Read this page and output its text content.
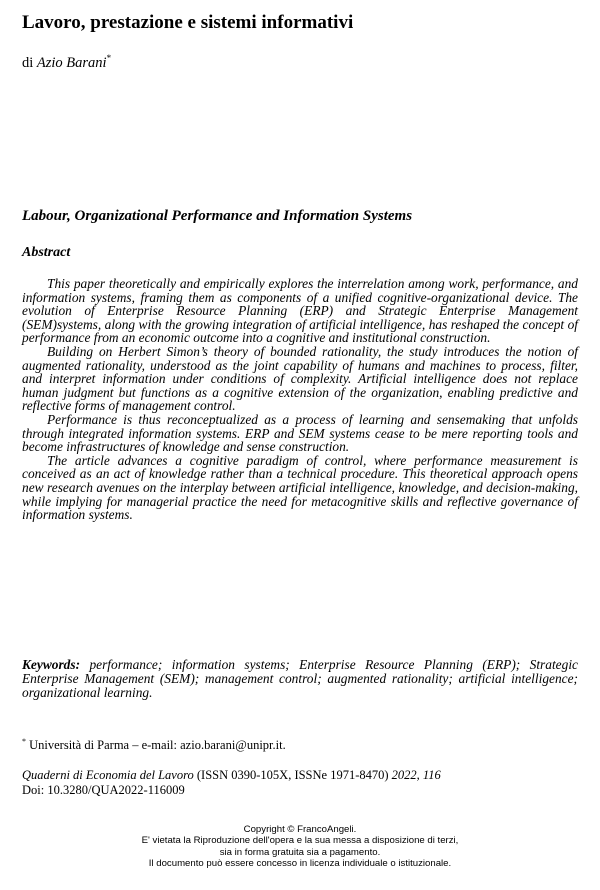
Lavoro, prestazione e sistemi informativi
di Azio Barani*
Labour, Organizational Performance and Information Systems
Abstract

This paper theoretically and empirically explores the interrelation among work, performance, and information systems, framing them as components of a unified cognitive-organizational device. The evolution of Enterprise Resource Planning (ERP) and Strategic Enterprise Management (SEM)systems, along with the growing integration of artificial intelligence, has reshaped the concept of performance from an economic outcome into a cognitive and institutional construction.

Building on Herbert Simon’s theory of bounded rationality, the study introduces the notion of augmented rationality, understood as the joint capability of humans and machines to process, filter, and interpret information under conditions of complexity. Artificial intelligence does not replace human judgment but functions as a cognitive extension of the organization, enabling predictive and reflective forms of management control.

Performance is thus reconceptualized as a process of learning and sensemaking that unfolds through integrated information systems. ERP and SEM systems cease to be mere reporting tools and become infrastructures of knowledge and sense construction.

The article advances a cognitive paradigm of control, where performance measurement is conceived as an act of knowledge rather than a technical procedure. This theoretical approach opens new research avenues on the interplay between artificial intelligence, knowledge, and decision-making, while implying for managerial practice the need for metacognitive skills and reflective governance of information systems.

Keywords: performance; information systems; Enterprise Resource Planning (ERP); Strategic Enterprise Management (SEM); management control; augmented rationality; artificial intelligence; organizational learning.
* Università di Parma – e-mail: azio.barani@unipr.it.
Quaderni di Economia del Lavoro (ISSN 0390-105X, ISSNe 1971-8470) 2022, 116
Doi: 10.3280/QUA2022-116009
Copyright © FrancoAngeli.
E' vietata la Riproduzione dell'opera e la sua messa a disposizione di terzi,
sia in forma gratuita sia a pagamento.
Il documento può essere concesso in licenza individuale o istituzionale.
